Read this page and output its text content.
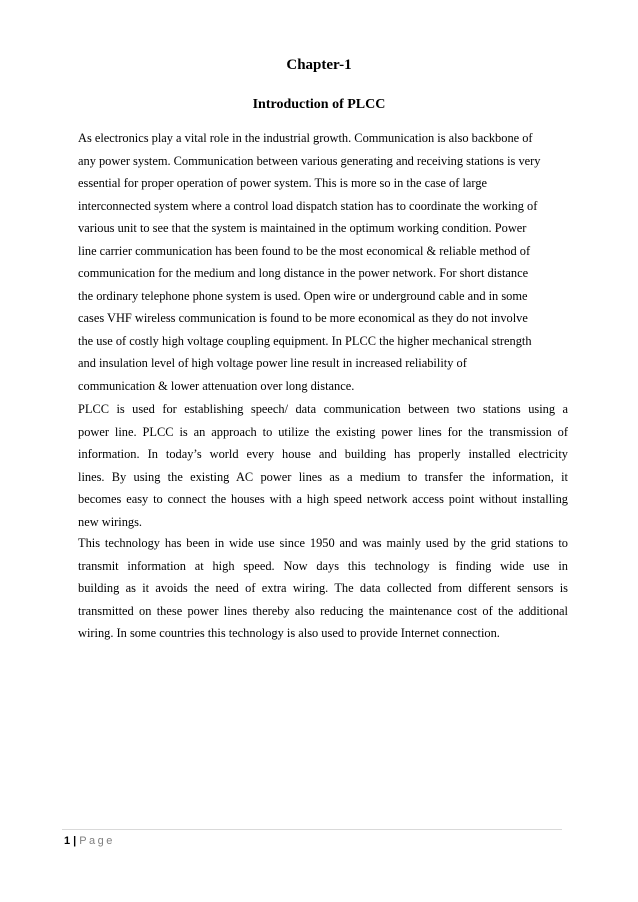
Chapter-1
Introduction of PLCC
As electronics play a vital role in the industrial growth. Communication is also backbone of
any power system. Communication between various generating and receiving stations is very
essential for proper operation of power system. This is more so in the case of large
interconnected system where a control load dispatch station has to coordinate the working of
various unit to see that the system is maintained in the optimum working condition. Power
line carrier communication has been found to be the most economical & reliable method of
communication for the medium and long distance in the power network. For short distance
the ordinary telephone phone system is used. Open wire or underground cable and in some
cases VHF wireless communication is found to be more economical as they do not involve
the use of costly high voltage coupling equipment. In PLCC the higher mechanical strength
and insulation level of high voltage power line result in increased reliability of
communication & lower attenuation over long distance.
PLCC is used for establishing speech/ data communication between two stations using a
power line. PLCC is an approach to utilize the existing power lines for the transmission of
information. In today’s world every house and building has properly installed electricity
lines. By using the existing AC power lines as a medium to transfer the information, it
becomes easy to connect the houses with a high speed network access point without installing
new wirings.
This technology has been in wide use since 1950 and was mainly used by the grid stations to
transmit information at high speed. Now days this technology is finding wide use in
building as it avoids the need of extra wiring. The data collected from different sensors is
transmitted on these power lines thereby also reducing the maintenance cost of the additional
wiring. In some countries this technology is also used to provide Internet connection.
1 | Page
